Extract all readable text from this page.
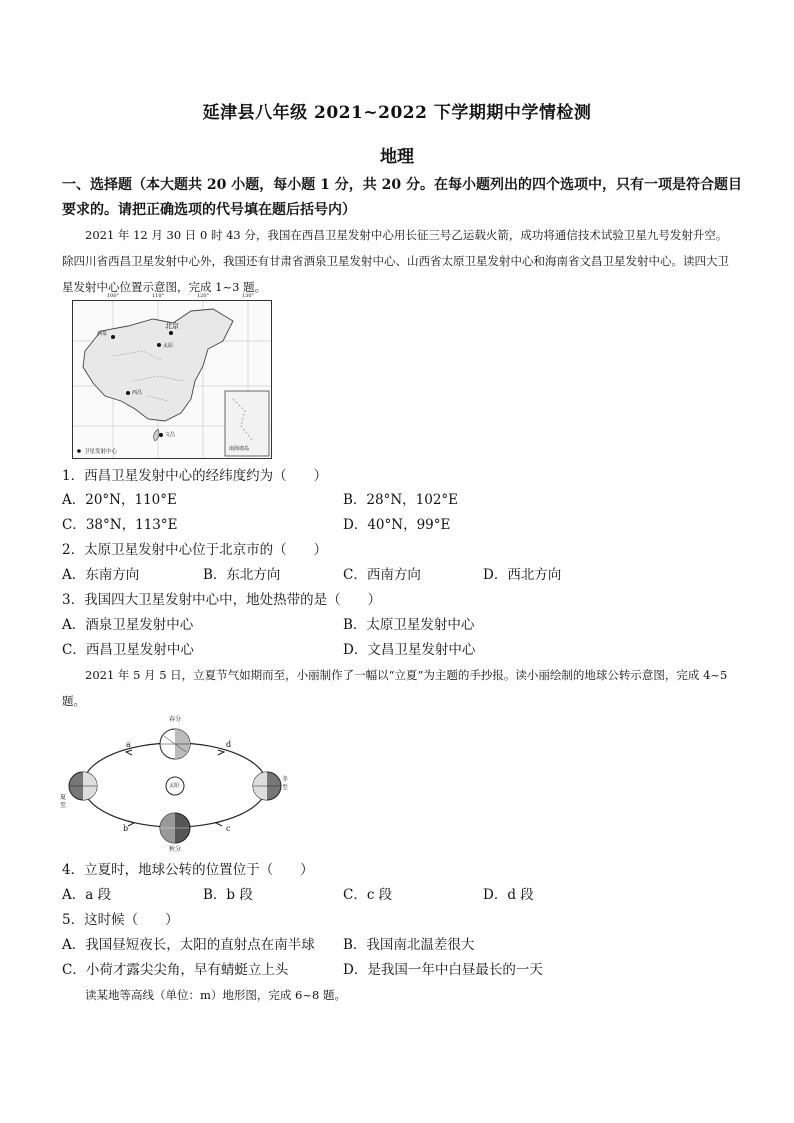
延津县八年级 2021~2022 下学期期中学情检测
地理
一、选择题（本大题共 20 小题，每小题 1 分，共 20 分。在每小题列出的四个选项中，只有一项是符合题目要求的。请把正确选项的代号填在题后括号内）
2021 年 12 月 30 日 0 时 43 分，我国在西昌卫星发射中心用长征三号乙运载火箭，成功将通信技术试验卫星九号发射升空。除四川省西昌卫星发射中心外，我国还有甘肃省酒泉卫星发射中心、山西省太原卫星发射中心和海南省文昌卫星发射中心。读四大卫星发射中心位置示意图，完成 1~3 题。
100°	110°	120°	130°
北京
太原
酒泉
西昌
文昌
卫星发射中心	南海诸岛
1．西昌卫星发射中心的经纬度约为（　　）
A．20°N，110°E	B．28°N，102°E
C．38°N，113°E	D．40°N，99°E
2．太原卫星发射中心位于北京市的（　　）
A．东南方向	B．东北方向	C．西南方向	D．西北方向
3．我国四大卫星发射中心中，地处热带的是（　　）
A．酒泉卫星发射中心	B．太原卫星发射中心
C．西昌卫星发射中心	D．文昌卫星发射中心
2021 年 5 月 5 日，立夏节气如期而至，小丽制作了一幅以“立夏”为主题的手抄报。读小丽绘制的地球公转示意图，完成 4~5 题。
春分
夏至
秋分
冬至
太阳
a
b	c
d
4．立夏时，地球公转的位置位于（　　）
A．a 段	B．b 段	C．c 段	D．d 段
5．这时候（　　）
A．我国昼短夜长，太阳的直射点在南半球 B．我国南北温差很大
C．小荷才露尖尖角，早有蜻蜓立上头	D．是我国一年中白昼最长的一天
读某地等高线（单位：m）地形图，完成 6~8 题。
